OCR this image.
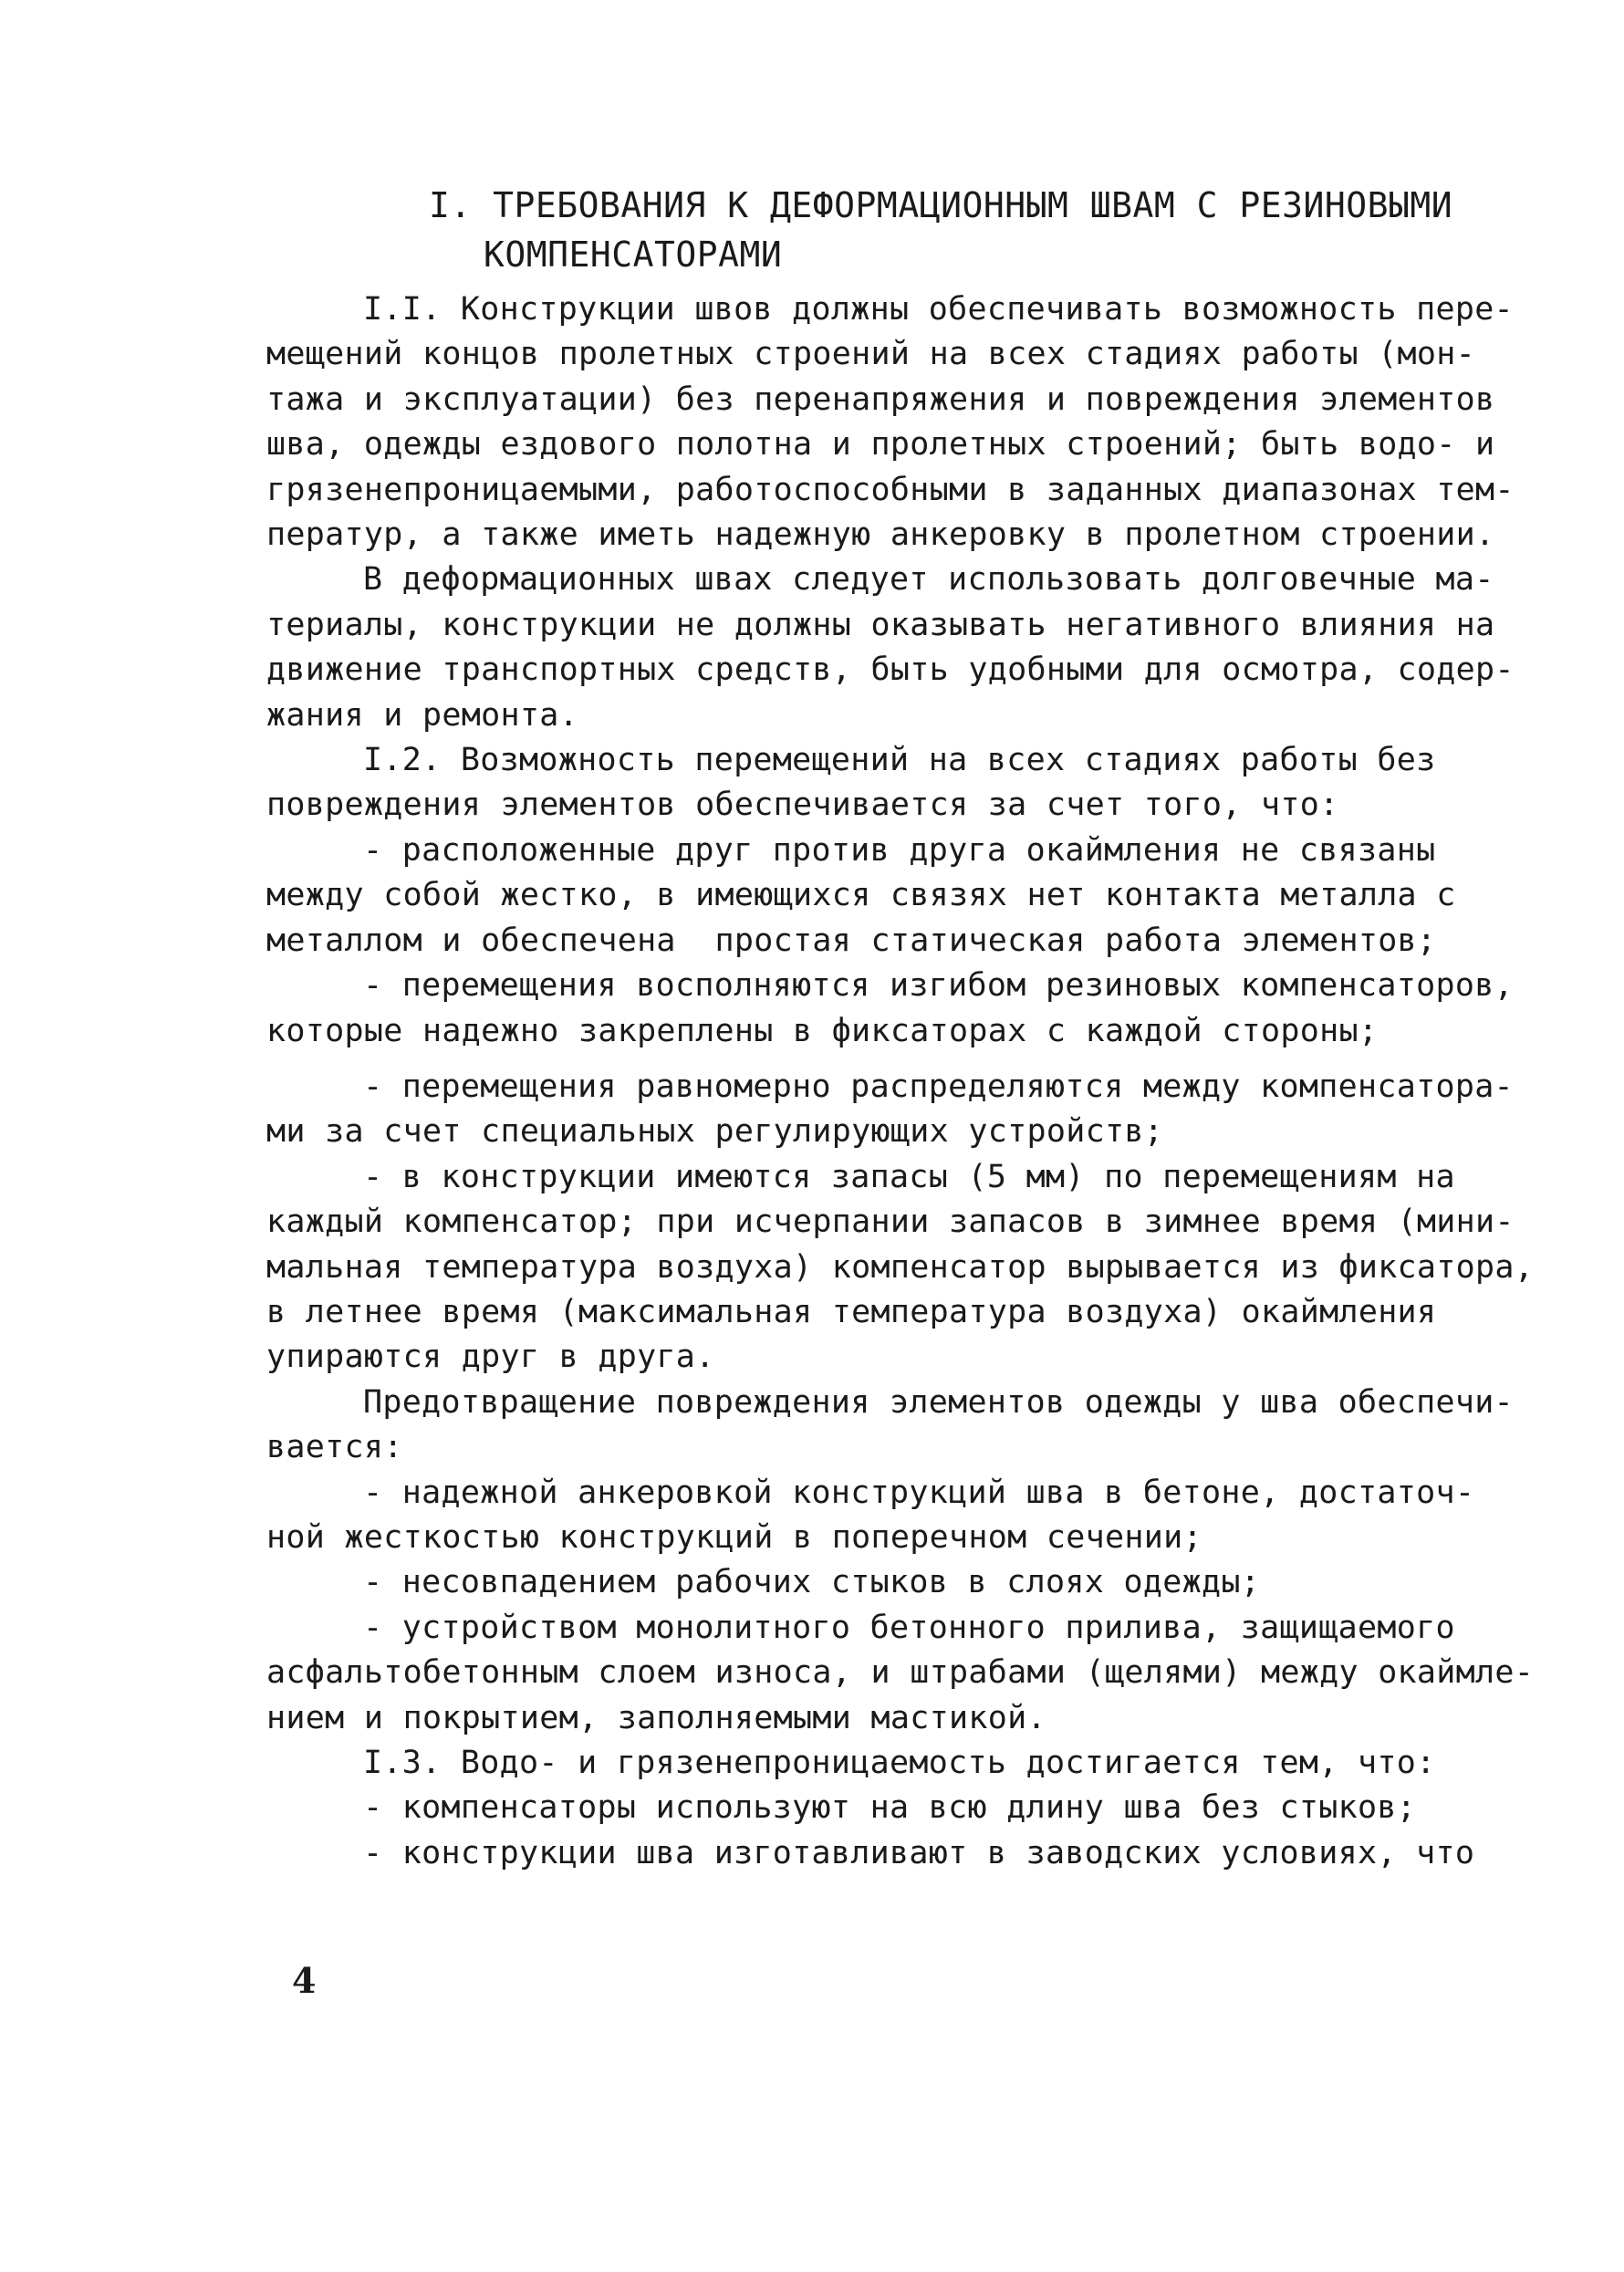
I. ТРЕБОВАНИЯ К ДЕФОРМАЦИОННЫМ ШВАМ С РЕЗИНОВЫМИ
КОМПЕНСАТОРАМИ
I.I. Конструкции швов должны обеспечивать возможность пере-
мещений концов пролетных строений на всех стадиях работы (мон-
тажа и эксплуатации) без перенапряжения и повреждения элементов
шва, одежды ездового полотна и пролетных строений; быть водо- и
грязенепроницаемыми, работоспособными в заданных диапазонах тем-
ператур, а также иметь надежную анкеровку в пролетном строении.
В деформационных швах следует использовать долговечные ма-
териалы, конструкции не должны оказывать негативного влияния на
движение транспортных средств, быть удобными для осмотра, содер-
жания и ремонта.
I.2. Возможность перемещений на всех стадиях работы без
повреждения элементов обеспечивается за счет того, что:
- расположенные друг против друга окаймления не связаны
между собой жестко, в имеющихся связях нет контакта металла с
металлом и обеспечена  простая статическая работа элементов;
- перемещения восполняются изгибом резиновых компенсаторов,
которые надежно закреплены в фиксаторах с каждой стороны;
- перемещения равномерно распределяются между компенсатора-
ми за счет специальных регулирующих устройств;
- в конструкции имеются запасы (5 мм) по перемещениям на
каждый компенсатор; при исчерпании запасов в зимнее время (мини-
мальная температура воздуха) компенсатор вырывается из фиксатора,
в летнее время (максимальная температура воздуха) окаймления
упираются друг в друга.
Предотвращение повреждения элементов одежды у шва обеспечи-
вается:
- надежной анкеровкой конструкций шва в бетоне, достаточ-
ной жесткостью конструкций в поперечном сечении;
- несовпадением рабочих стыков в слоях одежды;
- устройством монолитного бетонного прилива, защищаемого
асфальтобетонным слоем износа, и штрабами (щелями) между окаймле-
нием и покрытием, заполняемыми мастикой.
I.3. Водо- и грязенепроницаемость достигается тем, что:
- компенсаторы используют на всю длину шва без стыков;
- конструкции шва изготавливают в заводских условиях, что
4
